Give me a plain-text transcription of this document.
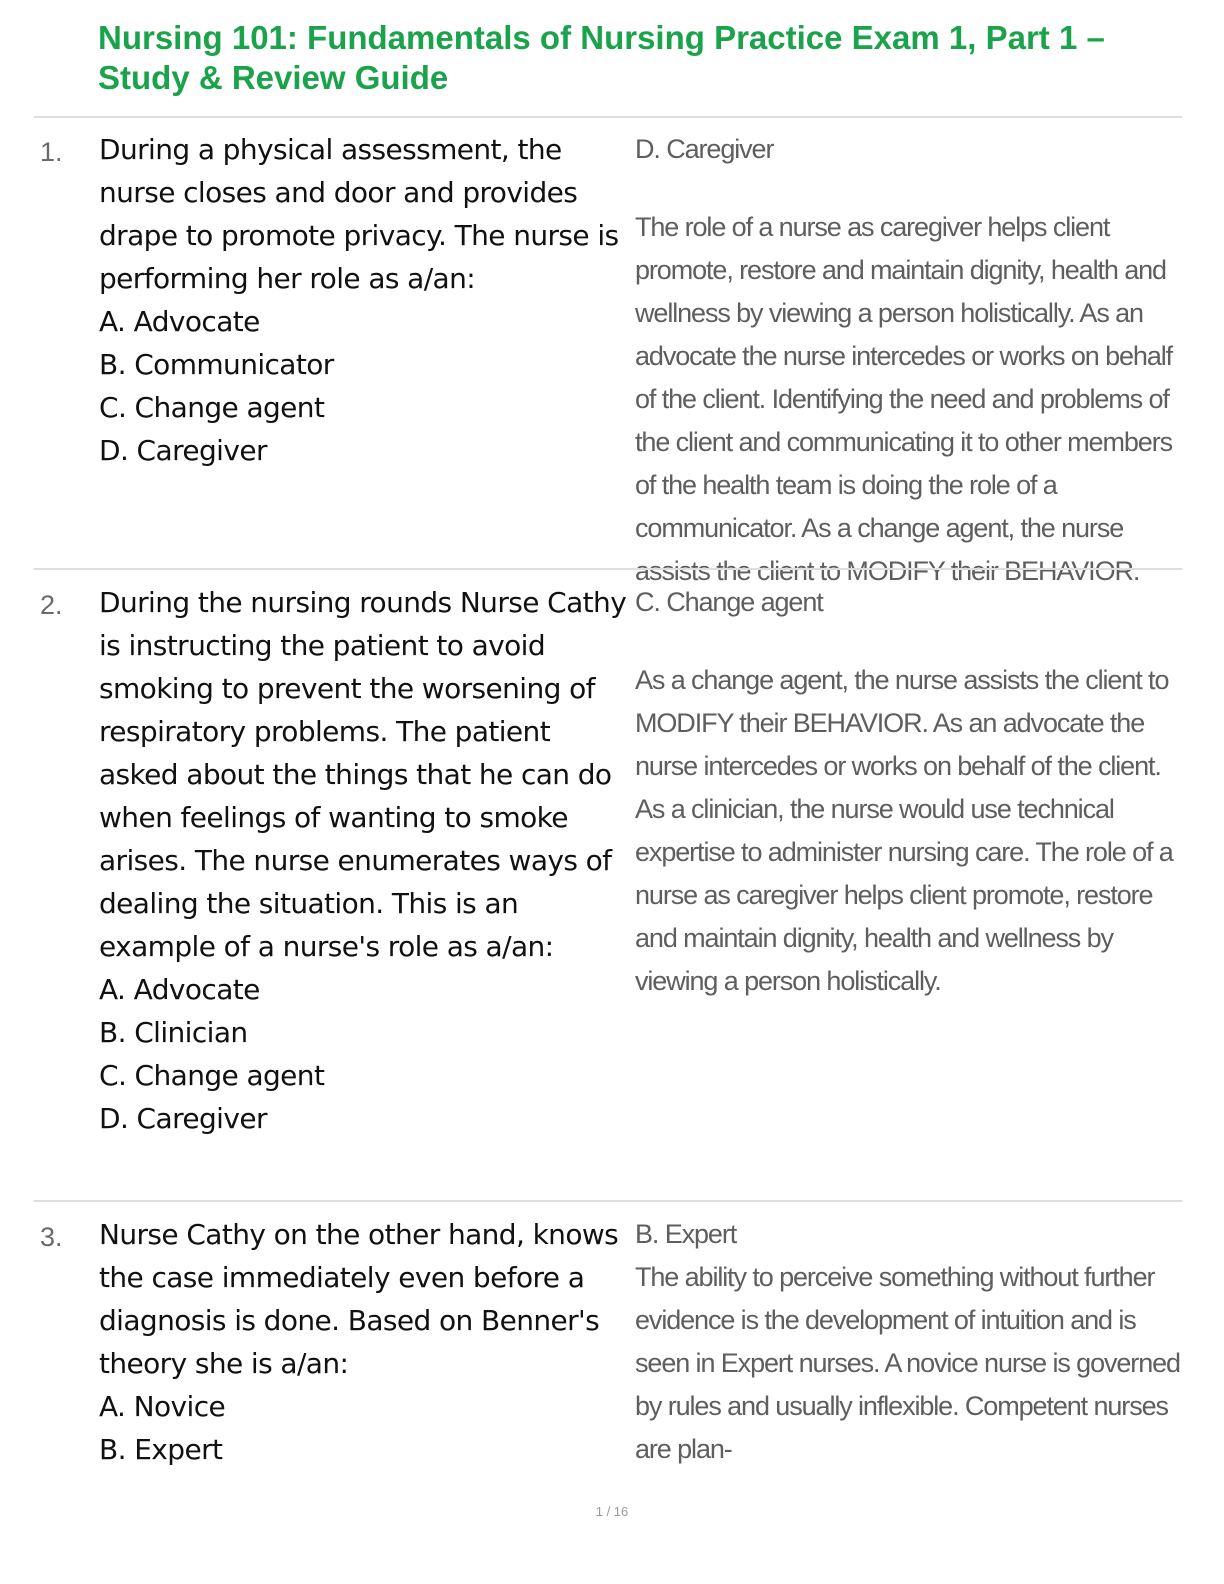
Nursing 101: Fundamentals of Nursing Practice Exam 1, Part 1 – Study & Review Guide
1. During a physical assessment, the nurse closes and door and provides drape to promote privacy. The nurse is performing her role as a/an:
A. Advocate
B. Communicator
C. Change agent
D. Caregiver
D. Caregiver
The role of a nurse as caregiver helps client promote, restore and maintain dignity, health and wellness by viewing a person holistically. As an advocate the nurse intercedes or works on behalf of the client. Identifying the need and problems of the client and communicating it to other members of the health team is doing the role of a communicator. As a change agent, the nurse assists the client to MODIFY their BEHAVIOR.
2. During the nursing rounds Nurse Cathy is instructing the patient to avoid smoking to prevent the worsening of respiratory problems. The patient asked about the things that he can do when feelings of wanting to smoke arises. The nurse enumerates ways of dealing the situation. This is an example of a nurse's role as a/an:
A. Advocate
B. Clinician
C. Change agent
D. Caregiver
C. Change agent
As a change agent, the nurse assists the client to MODIFY their BEHAVIOR. As an advocate the nurse intercedes or works on behalf of the client. As a clinician, the nurse would use technical expertise to administer nursing care. The role of a nurse as caregiver helps client promote, restore and maintain dignity, health and wellness by viewing a person holistically.
3. Nurse Cathy on the other hand, knows the case immediately even before a diagnosis is done. Based on Benner's theory she is a/an:
A. Novice
B. Expert
B. Expert
The ability to perceive something without further evidence is the development of intuition and is seen in Expert nurses. A novice nurse is governed by rules and usually inflexible. Competent nurses are plan-
1 / 16
